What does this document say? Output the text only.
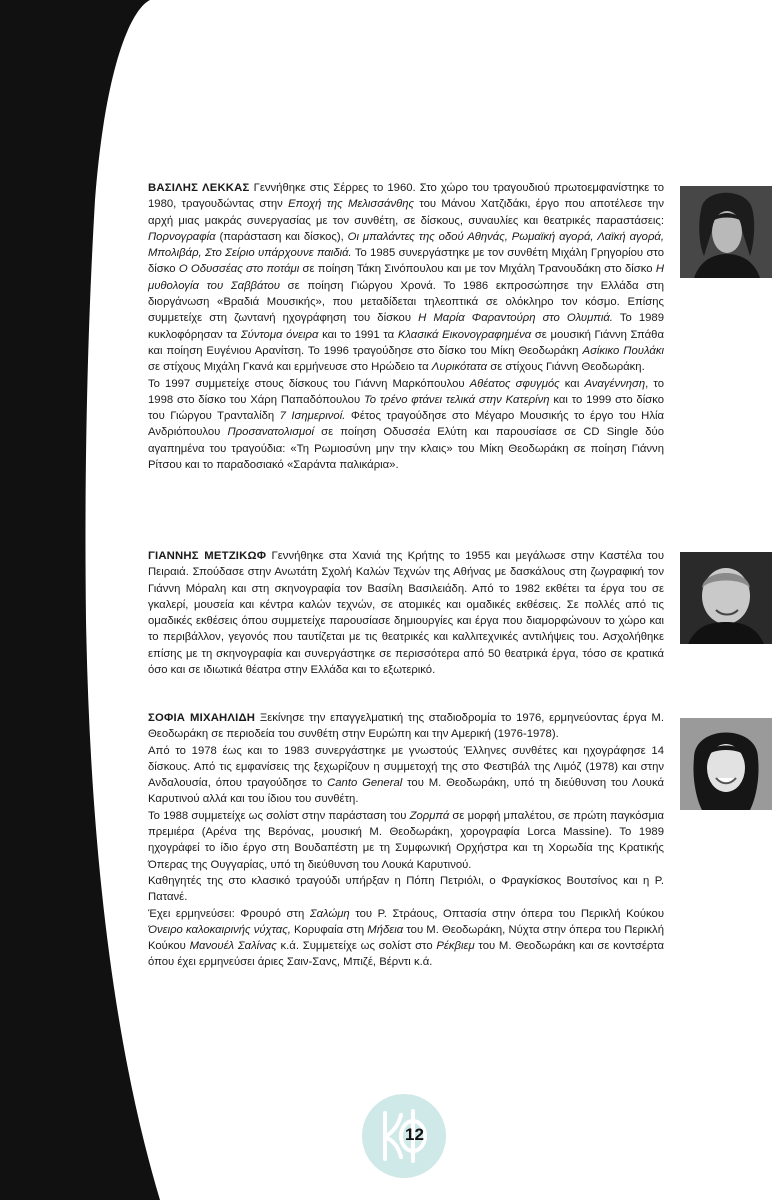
ΒΑΣΙΛΗΣ ΛΕΚΚΑΣ Γεννήθηκε στις Σέρρες το 1960. Στο χώρο του τραγουδιού πρωτοεμφανίστηκε το 1980, τραγουδώντας στην Εποχή της Μελισσάνθης του Μάνου Χατζιδάκι, έργο που αποτέλεσε την αρχή μιας μακράς συνεργασίας με τον συνθέτη, σε δίσκους, συναυλίες και θεατρικές παραστάσεις: Πορνογραφία (παράσταση και δίσκος), Οι μπαλάντες της οδού Αθηνάς, Ρωμαϊκή αγορά, Λαϊκή αγορά, Μπολιβάρ, Στο Σείριο υπάρχουνε παιδιά. Το 1985 συνεργάστηκε με τον συνθέτη Μιχάλη Γρηγορίου στο δίσκο Ο Οδυσσέας στο ποτάμι σε ποίηση Τάκη Σινόπουλου και με τον Μιχάλη Τρανουδάκη στο δίσκο Η μυθολογία του Σαββάτου σε ποίηση Γιώργου Χρονά. Το 1986 εκπροσώπησε την Ελλάδα στη διοργάνωση «Βραδιά Μουσικής», που μεταδίδεται τηλεοπτικά σε ολόκληρο τον κόσμο. Επίσης συμμετείχε στη ζωντανή ηχογράφηση του δίσκου Η Μαρία Φαραντούρη στο Ολυμπιά. Το 1989 κυκλοφόρησαν τα Σύντομα όνειρα και το 1991 τα Κλασικά Εικονογραφημένα σε μουσική Γιάννη Σπάθα και ποίηση Ευγένιου Αρανίτση. Το 1996 τραγούδησε στο δίσκο του Μίκη Θεοδωράκη Ασίκικο Πουλάκι σε στίχους Μιχάλη Γκανά και ερμήνευσε στο Ηρώδειο τα Λυρικότατα σε στίχους Γιάννη Θεοδωράκη.

Το 1997 συμμετείχε στους δίσκους του Γιάννη Μαρκόπουλου Αθέατος σφυγμός και Αναγέννηση, το 1998 στο δίσκο του Χάρη Παπαδόπουλου Το τρένο φτάνει τελικά στην Κατερίνη και το 1999 στο δίσκο του Γιώργου Τρανταλίδη 7 Ισημερινοί. Φέτος τραγούδησε στο Μέγαρο Μουσικής το έργο του Ηλία Ανδριόπουλου Προσανατολισμοί σε ποίηση Οδυσσέα Ελύτη και παρουσίασε σε CD Single δύο αγαπημένα του τραγούδια: «Τη Ρωμιοσύνη μην την κλαις» του Μίκη Θεοδωράκη σε ποίηση Γιάννη Ρίτσου και το παραδοσιακό «Σαράντα παλικάρια».

ΓΙΑΝΝΗΣ ΜΕΤΖΙΚΩΦ Γεννήθηκε στα Χανιά της Κρήτης το 1955 και μεγάλωσε στην Καστέλα του Πειραιά. Σπούδασε στην Ανωτάτη Σχολή Καλών Τεχνών της Αθήνας με δασκάλους στη ζωγραφική τον Γιάννη Μόραλη και στη σκηνογραφία τον Βασίλη Βασιλειάδη. Από το 1982 εκθέτει τα έργα του σε γκαλερί, μουσεία και κέντρα καλών τεχνών, σε ατομικές και ομαδικές εκθέσεις. Σε πολλές από τις ομαδικές εκθέσεις όπου συμμετείχε παρουσίασε δημιουργίες και έργα που διαμορφώνουν το χώρο και το περιβάλλον, γεγονός που ταυτίζεται με τις θεατρικές και καλλιτεχνικές αντιλήψεις του. Ασχολήθηκε επίσης με τη σκηνογραφία και συνεργάστηκε σε περισσότερα από 50 θεατρικά έργα, τόσο σε κρατικά όσο και σε ιδιωτικά θέατρα στην Ελλάδα και το εξωτερικό.

ΣΟΦΙΑ ΜΙΧΑΗΛΙΔΗ Ξεκίνησε την επαγγελματική της σταδιοδρομία το 1976, ερμηνεύοντας έργα Μ. Θεοδωράκη σε περιοδεία του συνθέτη στην Ευρώπη και την Αμερική (1976-1978).

Από το 1978 έως και το 1983 συνεργάστηκε με γνωστούς Έλληνες συνθέτες και ηχογράφησε 14 δίσκους. Από τις εμφανίσεις της ξεχωρίζουν η συμμετοχή της στο Φεστιβάλ της Λιμόζ (1978) και στην Ανδαλουσία, όπου τραγούδησε το Canto General του Μ. Θεοδωράκη, υπό τη διεύθυνση του Λουκά Καρυτινού αλλά και του ίδιου του συνθέτη.

Το 1988 συμμετείχε ως σολίστ στην παράσταση του Ζορμπά σε μορφή μπαλέτου, σε πρώτη παγκόσμια πρεμιέρα (Αρένα της Βερόνας, μουσική Μ. Θεοδωράκη, χορογραφία Lorca Massine). Το 1989 ηχογράφεί το ίδιο έργο στη Βουδαπέστη με τη Συμφωνική Ορχήστρα και τη Χορωδία της Κρατικής Όπερας της Ουγγαρίας, υπό τη διεύθυνση του Λουκά Καρυτινού.

Καθηγητές της στο κλασικό τραγούδι υπήρξαν η Πόπη Πετριόλι, ο Φραγκίσκος Βουτσίνος και η Ρ. Πατανέ.

Έχει ερμηνεύσει: Φρουρό στη Σαλώμη του Ρ. Στράους, Οπτασία στην όπερα του Περικλή Κούκου Όνειρο καλοκαιρινής νύχτας, Κορυφαία στη Μήδεια του Μ. Θεοδωράκη, Νύχτα στην όπερα του Περικλή Κούκου Μανουέλ Σαλίνας κ.ά. Συμμετείχε ως σολίστ στο Ρέκβιεμ του Μ. Θεοδωράκη και σε κοντσέρτα όπου έχει ερμηνεύσει άριες Σαιν-Σανς, Μπιζέ, Βέρντι κ.ά.

12
